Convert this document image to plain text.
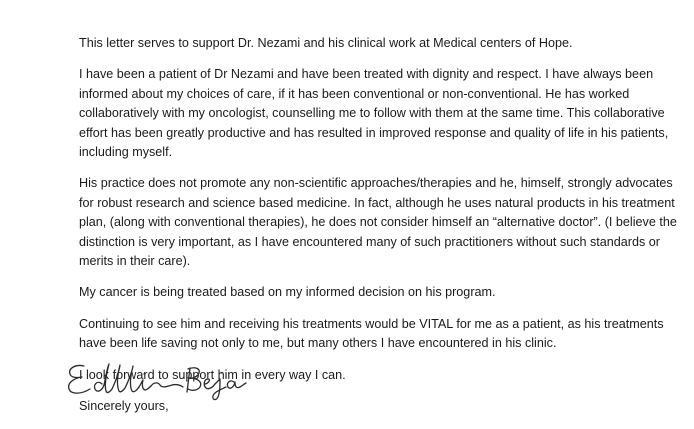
This letter serves to support Dr. Nezami and his clinical work at Medical centers of Hope.

I have been a patient of Dr Nezami and have been treated with dignity and respect. I have always been informed about my choices of care, if it has been conventional or non-conventional. He has worked collaboratively with my oncologist, counselling me to follow with them at the same time. This collaborative effort has been greatly productive and has resulted in improved response and quality of life in his patients, including myself.

His practice does not promote any non-scientific approaches/therapies and he, himself, strongly advocates for robust research and science based medicine. In fact, although he uses natural products in his treatment plan, (along with conventional therapies), he does not consider himself an “alternative doctor”. (I believe the distinction is very important, as I have encountered many of such practitioners without such standards or merits in their care).

My cancer is being treated based on my informed decision on his program.

Continuing to see him and receiving his treatments would be VITAL for me as a patient, as his treatments have been life saving not only to me, but many others I have encountered in his clinic.

I look forward to support him in every way I can.

Sincerely yours,
